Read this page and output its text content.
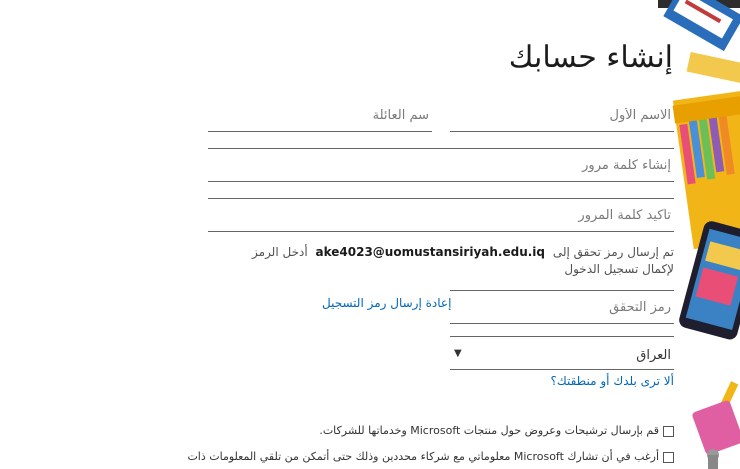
إنشاء حسابك
الاسم الأول
سم العائلة
إنشاء كلمة مرور
تأكيد كلمة المرور
تم إرسال رمز تحقق إلى ake4023@uomustansiriyah.edu.iq أدخل الرمز لإكمال تسجيل الدخول
رمز التحقق
إعادة إرسال رمز التسجيل
العراق
▼
ألا ترى بلدك أو منطقتك؟
قم بإرسال ترشيحات وعروض حول منتجات Microsoft وخدماتها للشركات.
أرغب في أن تشارك Microsoft معلوماتي مع شركاء محددين وذلك حتى أتمكن من تلقي المعلومات ذات
